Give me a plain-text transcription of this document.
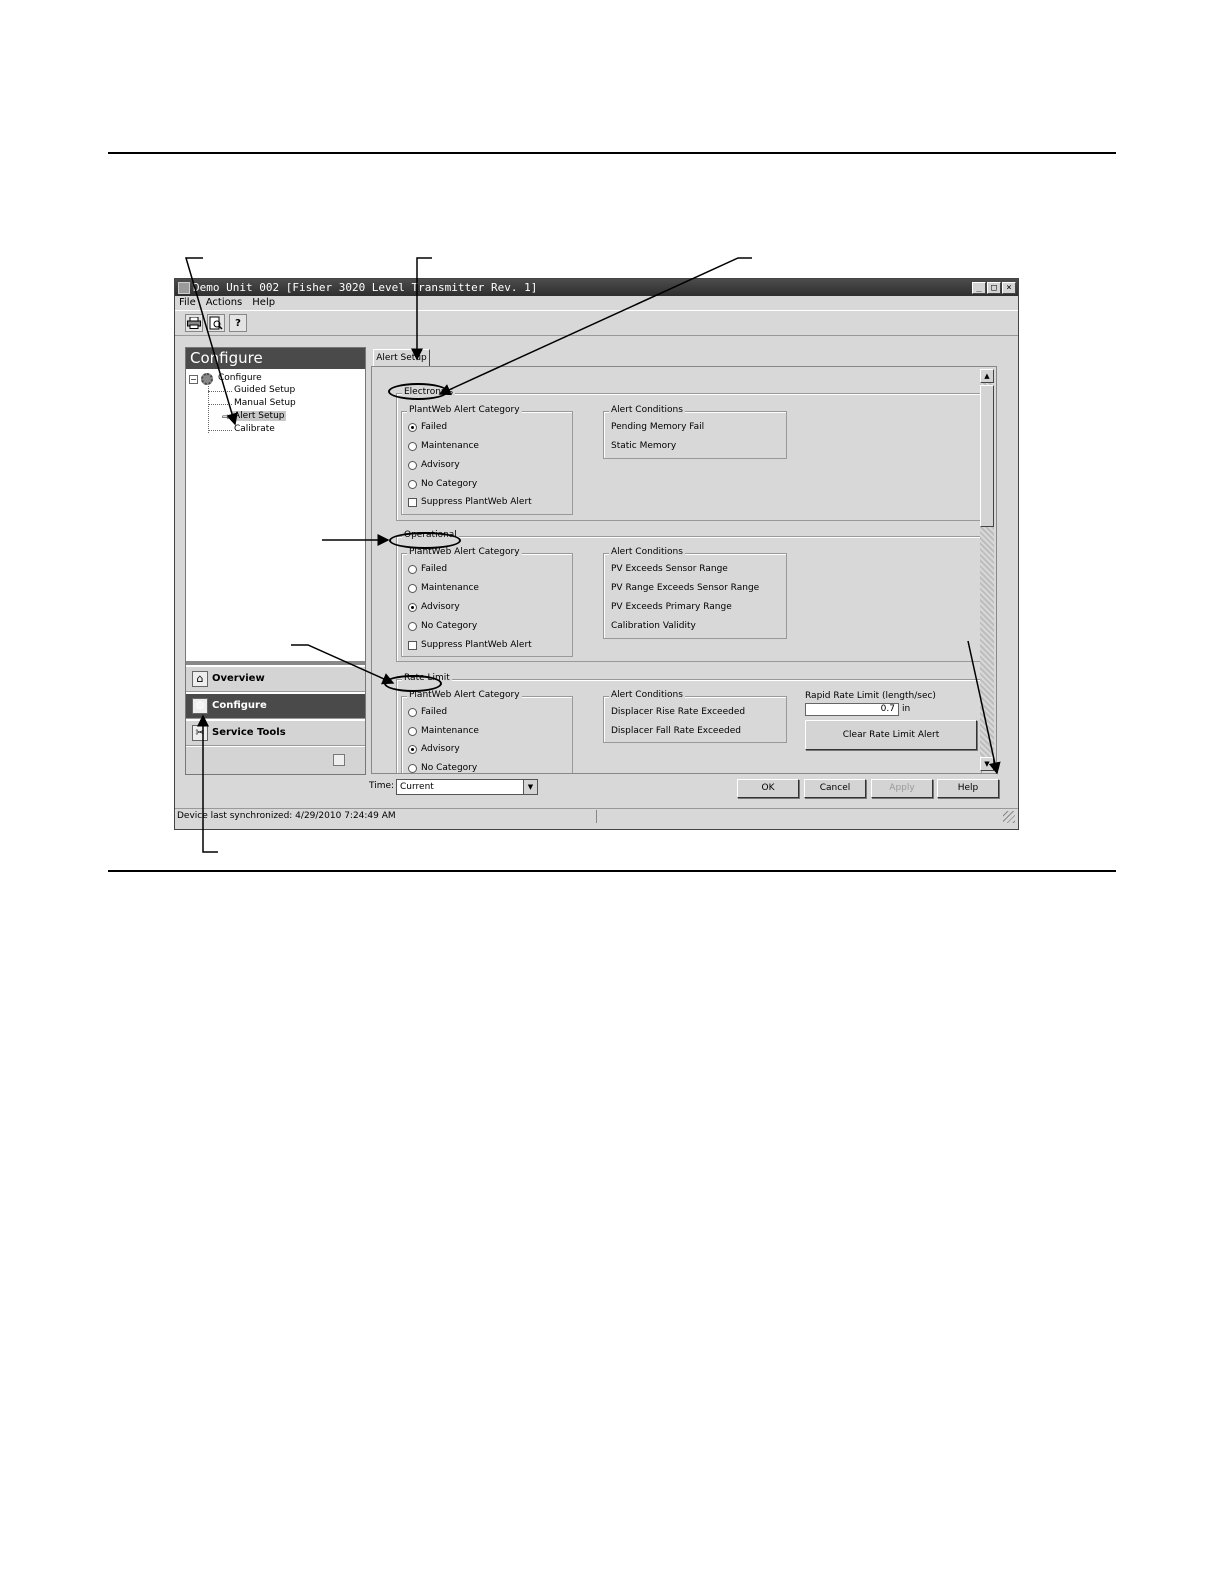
Demo Unit 002 [Fisher 3020 Level Transmitter Rev. 1]	_	□	×
File Actions Help
?
Configure
− Configure
Guided Setup
Manual Setup
⇨ Alert Setup
Calibrate
⌂ Overview
⚙ Configure
✂ Service Tools
Alert Setup
Electronics
PlantWeb Alert Category
Failed
Maintenance
Advisory
No Category
Suppress PlantWeb Alert
Alert Conditions
Pending Memory Fail
Static Memory
Operational
PlantWeb Alert Category
Failed
Maintenance
Advisory
No Category
Suppress PlantWeb Alert
Alert Conditions
PV Exceeds Sensor Range
PV Range Exceeds Sensor Range
PV Exceeds Primary Range
Calibration Validity
Rate Limit
PlantWeb Alert Category
Failed
Maintenance
Advisory
No Category
Alert Conditions
Displacer Rise Rate Exceeded
Displacer Fall Rate Exceeded
Rapid Rate Limit (length/sec)
0.7 in
Clear Rate Limit Alert
▲
▼
Time: Current	▼	OK	Cancel	Apply	Help
Device last synchronized: 4/29/2010 7:24:49 AM
